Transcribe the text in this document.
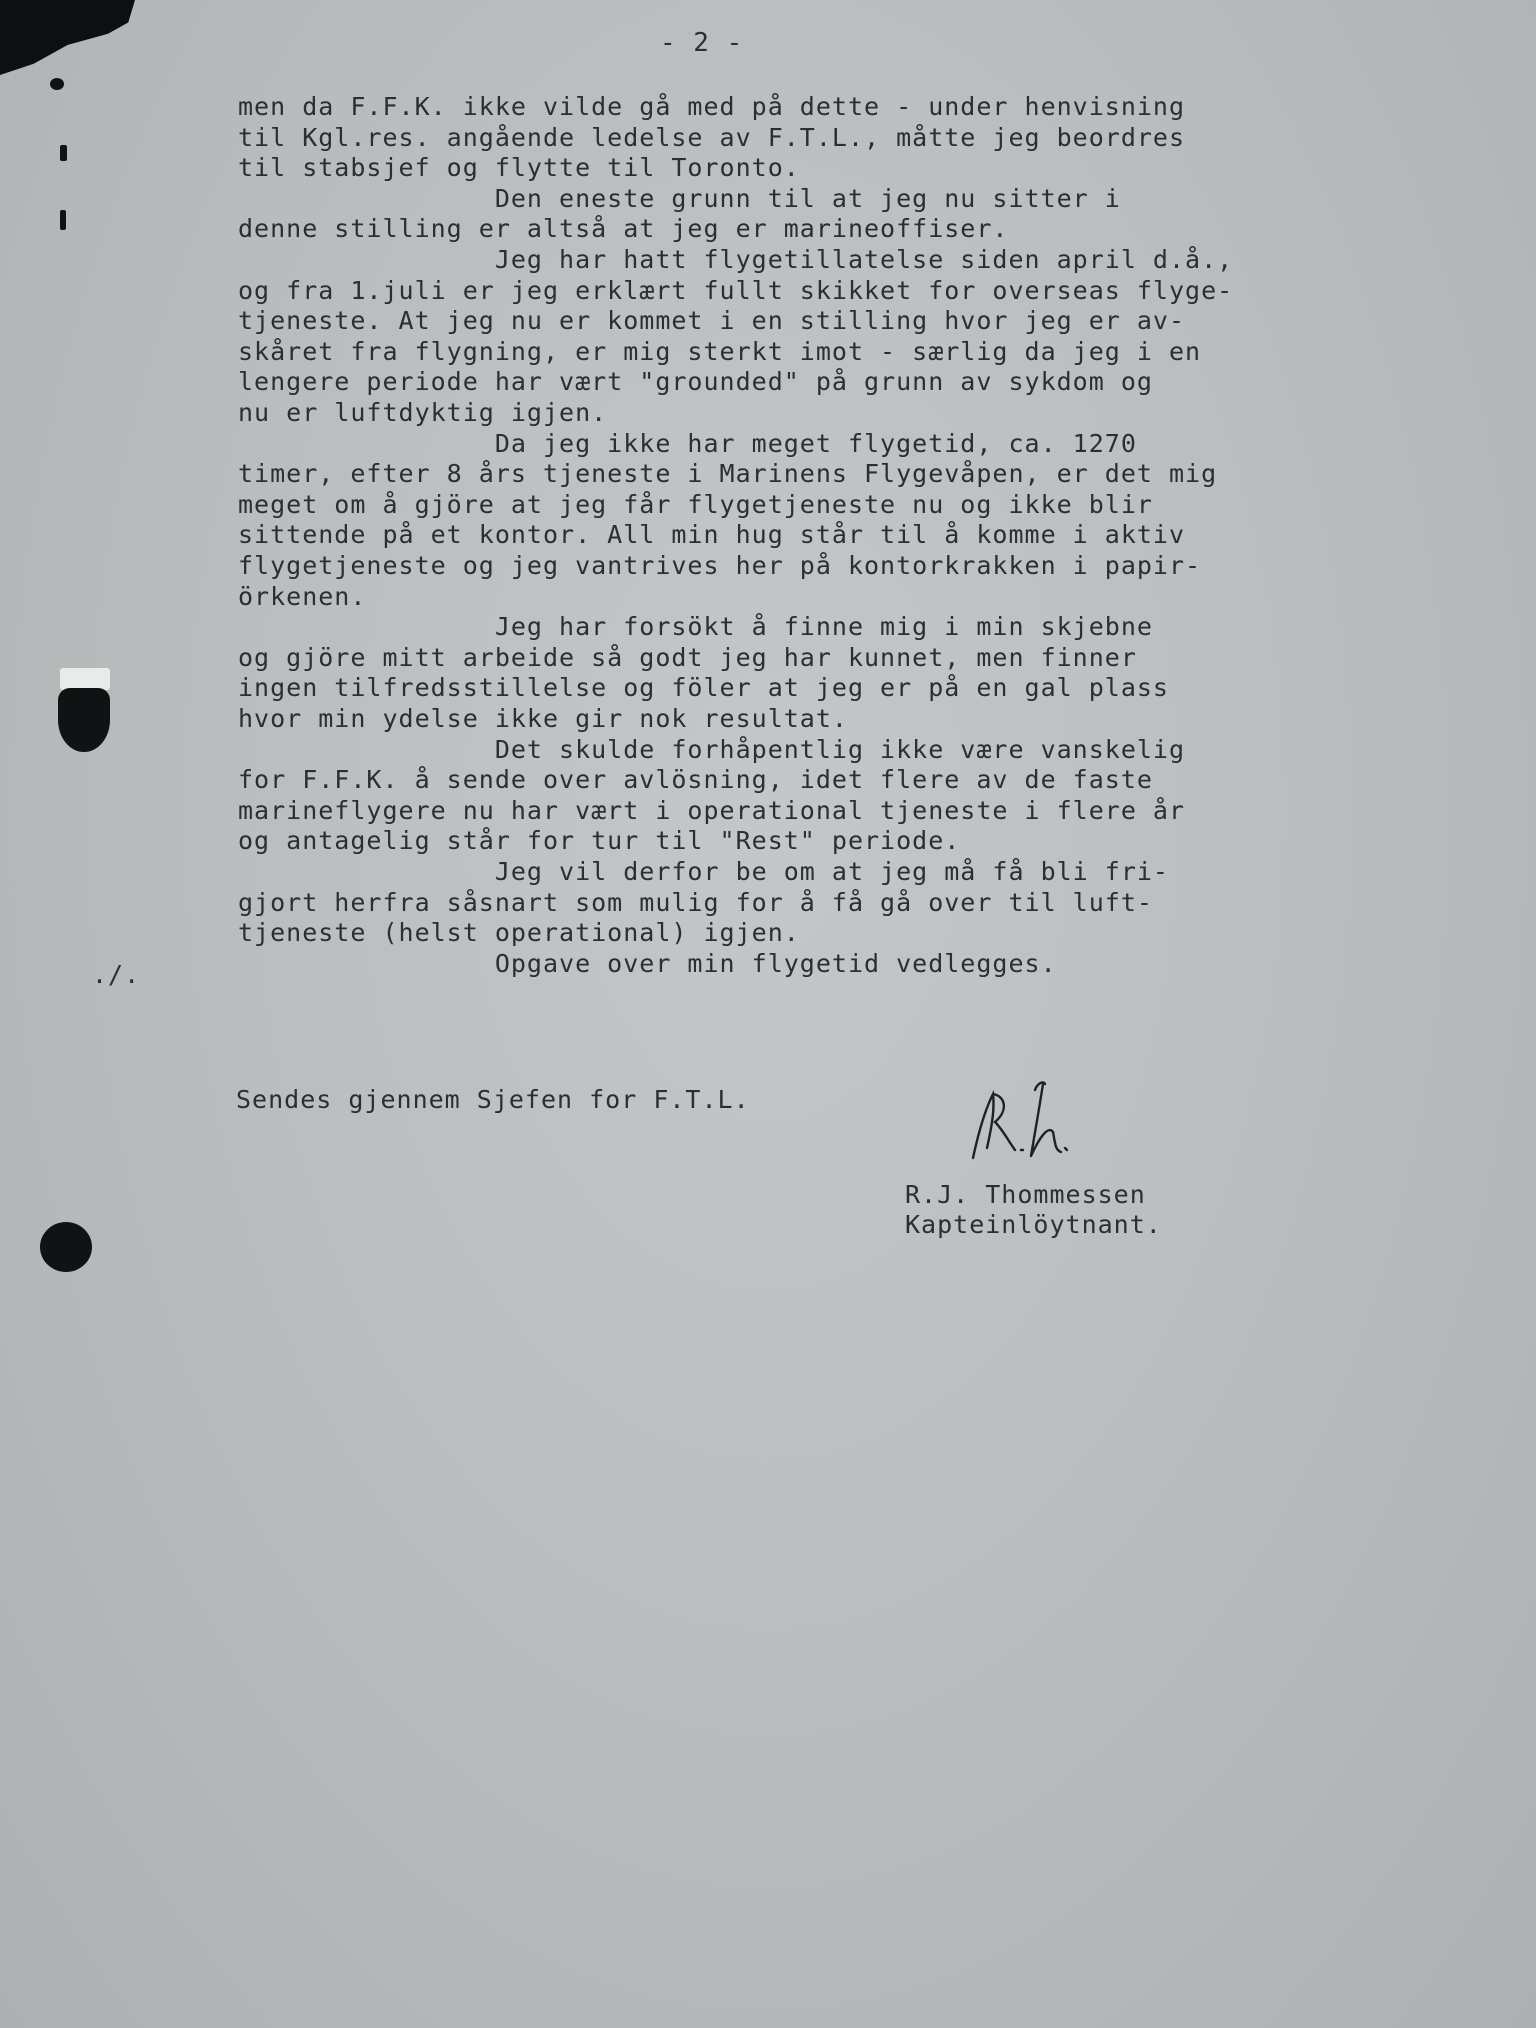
- 2 -
men da F.F.K. ikke vilde gå med på dette - under henvisning
til Kgl.res. angående ledelse av F.T.L., måtte jeg beordres
til stabsjef og flytte til Toronto.
Den eneste grunn til at jeg nu sitter i
denne stilling er altså at jeg er marineoffiser.
Jeg har hatt flygetillatelse siden april d.å.,
og fra 1.juli er jeg erklært fullt skikket for overseas flyge-
tjeneste. At jeg nu er kommet i en stilling hvor jeg er av-
skåret fra flygning, er mig sterkt imot - særlig da jeg i en
lengere periode har vært "grounded" på grunn av sykdom og
nu er luftdyktig igjen.
Da jeg ikke har meget flygetid, ca. 1270
timer, efter 8 års tjeneste i Marinens Flygevåpen, er det mig
meget om å gjöre at jeg får flygetjeneste nu og ikke blir
sittende på et kontor. All min hug står til å komme i aktiv
flygetjeneste og jeg vantrives her på kontorkrakken i papir-
örkenen.
Jeg har forsökt å finne mig i min skjebne
og gjöre mitt arbeide så godt jeg har kunnet, men finner
ingen tilfredsstillelse og föler at jeg er på en gal plass
hvor min ydelse ikke gir nok resultat.
Det skulde forhåpentlig ikke være vanskelig
for F.F.K. å sende over avlösning, idet flere av de faste
marineflygere nu har vært i operational tjeneste i flere år
og antagelig står for tur til "Rest" periode.
Jeg vil derfor be om at jeg må få bli fri-
gjort herfra såsnart som mulig for å få gå over til luft-
tjeneste (helst operational) igjen.
Opgave over min flygetid vedlegges.
./.
Sendes gjennem Sjefen for F.T.L.

R.J. Thommessen

Kapteinlöytnant.
